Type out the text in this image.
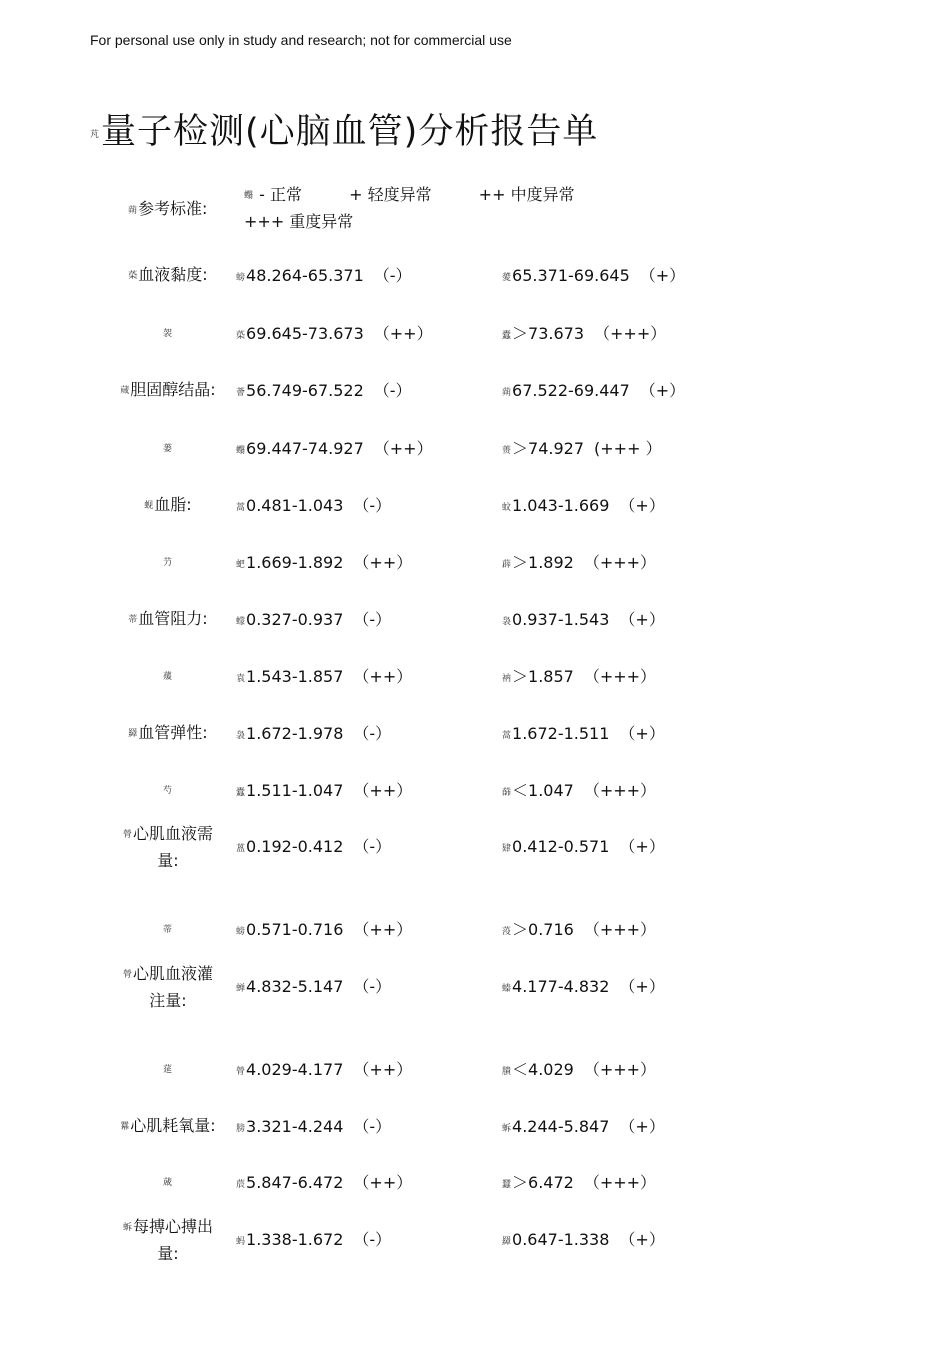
For personal use only in study and research; not for commercial use
芃量子检测(心脑血管)分析报告单
蒴参考标准:
蠮 - 正常	+ 轻度异常	++ 中度异常 +++ 重度异常
蒅血液黏度:	螃48.264-65.371 （-）	薆65.371-69.645 （+）
袈	蒅69.645-73.673 （++）	蠹＞73.673 （+++）
蒇胆固醇结晶: 薈56.749-67.522 （-）	蒴67.522-69.447 （+）
蒌	蠮69.447-74.927 （++）	蒉＞74.927 (+++ ）
蚬血脂:	蒿0.481-1.043 （-）	蚊1.043-1.669 （+）
芀	蚆1.669-1.892 （++）	薜＞1.892 （+++）
蒂血管阻力:	蠓0.327-0.937 （-）	袅0.937-1.543 （+）
蕿	袁1.543-1.857 （++）	衲＞1.857 （+++）
羄血管弹性:	袅1.672-1.978 （-）	蒿1.672-1.511 （+）
芍	蠹1.511-1.047 （++）	蒒＜1.047 （+++）
膋心肌血液需量:
蒕0.192-0.412 （-）	肄0.412-0.571 （+）
蒂	螃0.571-0.716 （++）	莈＞0.716 （+++）
膋心肌血液灌注量:
蝉4.832-5.147 （-）	螓4.177-4.832 （+）
莚	膋4.029-4.177 （++）	膭＜4.029 （+++）
羃心肌耗氧量: 膀3.321-4.244 （-）	蚸4.244-5.847 （+）
蒧	莀5.847-6.472 （++）	蠶＞6.472 （+++）
蚸每搏心搏出量:
蚂1.338-1.672 （-）	羄0.647-1.338 （+）
